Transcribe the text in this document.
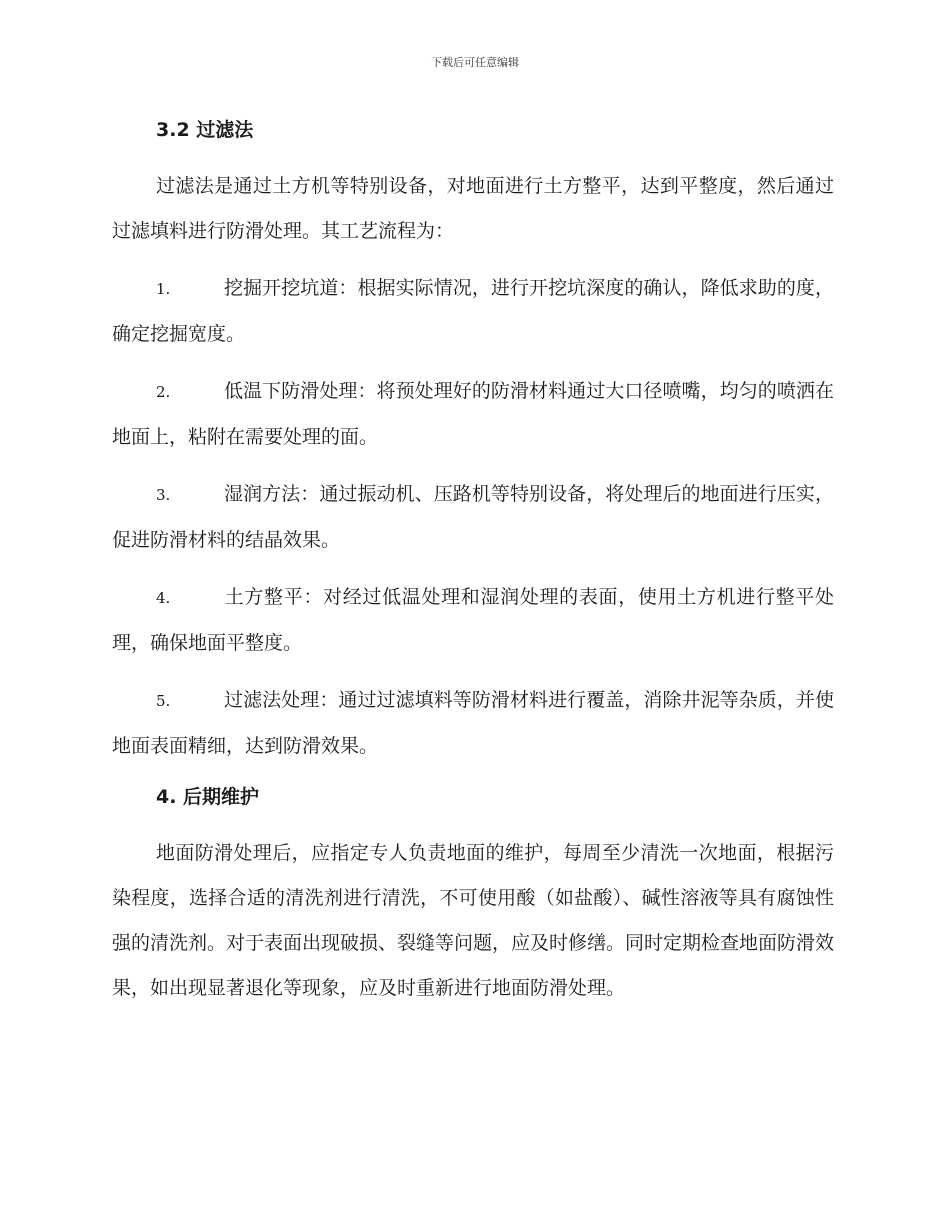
下载后可任意编辑
3.2 过滤法

过滤法是通过土方机等特别设备，对地面进行土方整平，达到平整度，然后通过过滤填料进行防滑处理。其工艺流程为：

1.	挖掘开挖坑道：根据实际情况，进行开挖坑深度的确认，降低求助的度，确定挖掘宽度。

2.	低温下防滑处理：将预处理好的防滑材料通过大口径喷嘴，均匀的喷洒在地面上，粘附在需要处理的面。

3.	湿润方法：通过振动机、压路机等特别设备，将处理后的地面进行压实，促进防滑材料的结晶效果。

4.	土方整平：对经过低温处理和湿润处理的表面，使用土方机进行整平处理，确保地面平整度。

5.	过滤法处理：通过过滤填料等防滑材料进行覆盖，消除井泥等杂质，并使地面表面精细，达到防滑效果。

4. 后期维护

地面防滑处理后，应指定专人负责地面的维护，每周至少清洗一次地面，根据污染程度，选择合适的清洗剂进行清洗，不可使用酸（如盐酸）、碱性溶液等具有腐蚀性强的清洗剂。对于表面出现破损、裂缝等问题，应及时修缮。同时定期检查地面防滑效果，如出现显著退化等现象，应及时重新进行地面防滑处理。
